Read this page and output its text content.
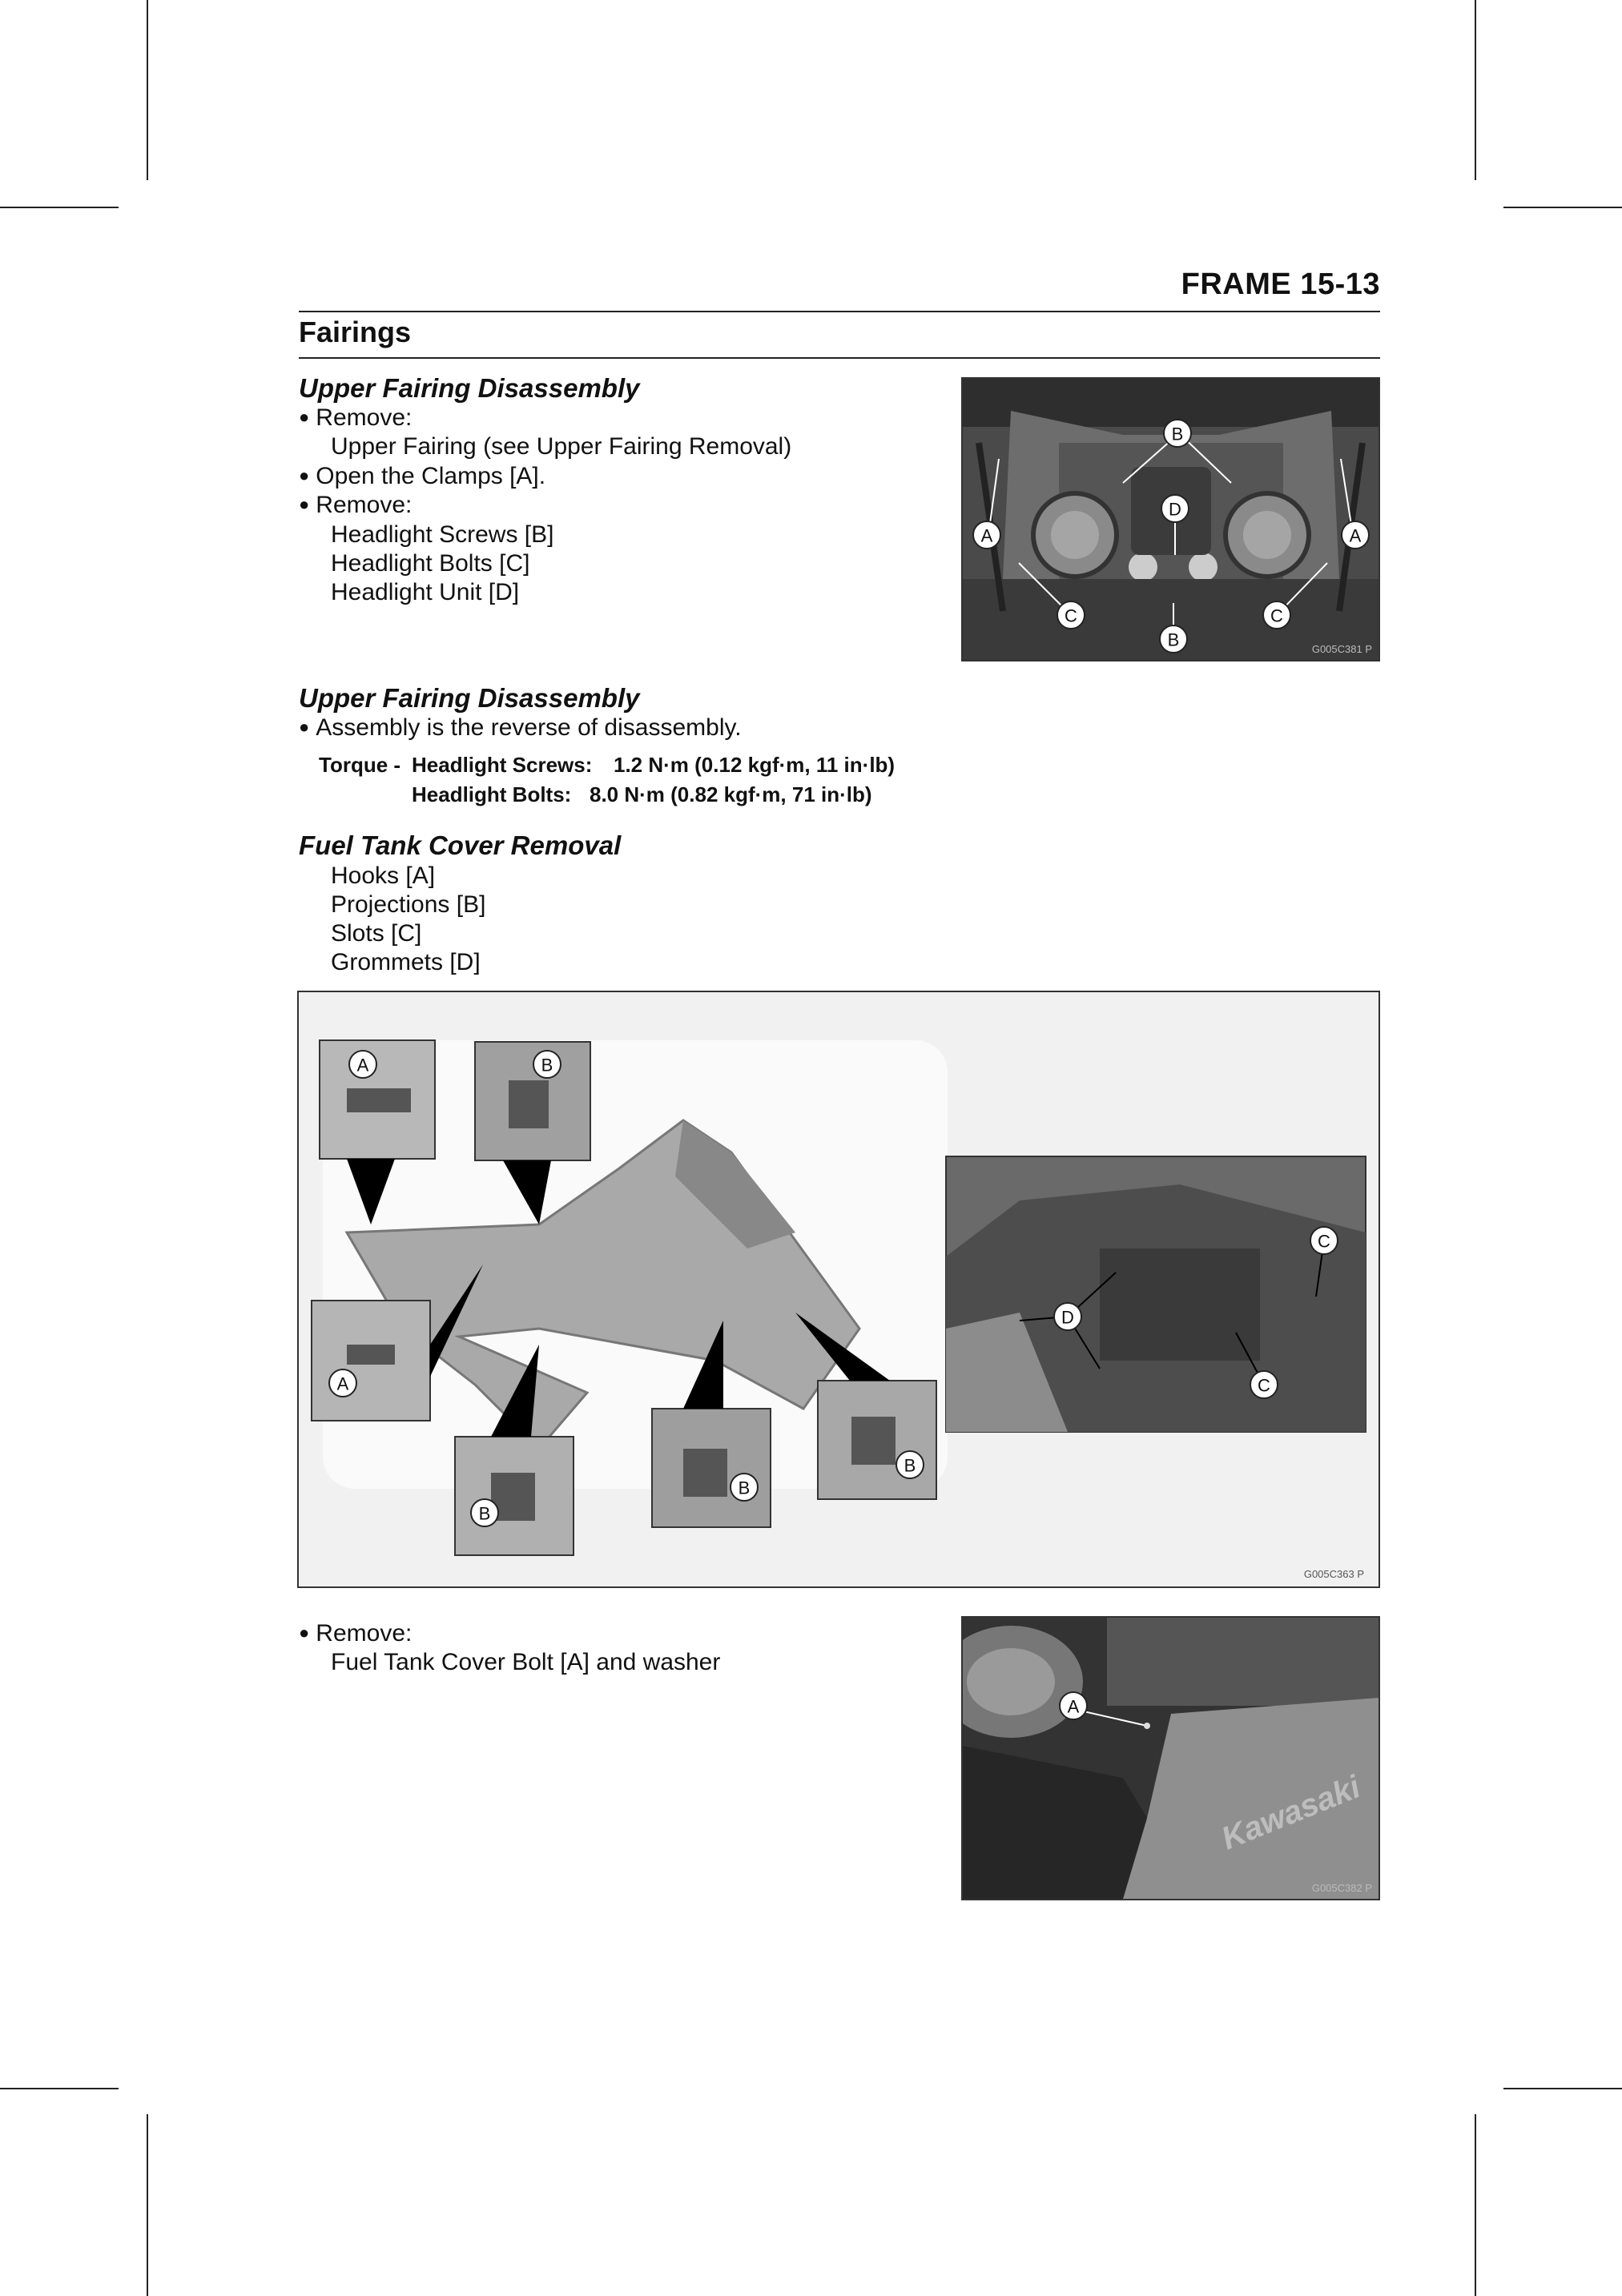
FRAME 15-13
Fairings
Upper Fairing Disassembly
● Remove:
Upper Fairing (see Upper Fairing Removal)
● Open the Clamps [A].
● Remove:
Headlight Screws [B]
Headlight Bolts [C]
Headlight Unit [D]
A	A
B
D
C	C
B	G005C381 P
Upper Fairing Disassembly
● Assembly is the reverse of disassembly.
Torque - Headlight Screws: 1.2 N·m (0.12 kgf·m, 11 in·lb)
Headlight Bolts: 8.0 N·m (0.82 kgf·m, 71 in·lb)
Fuel Tank Cover Removal
Hooks [A]
Projections [B]
Slots [C]
Grommets [D]
A	B
A
B
B
B
C
C
D
G005C363 P
● Remove:
Fuel Tank Cover Bolt [A] and washer
Kawasaki
A
G005C382 P
